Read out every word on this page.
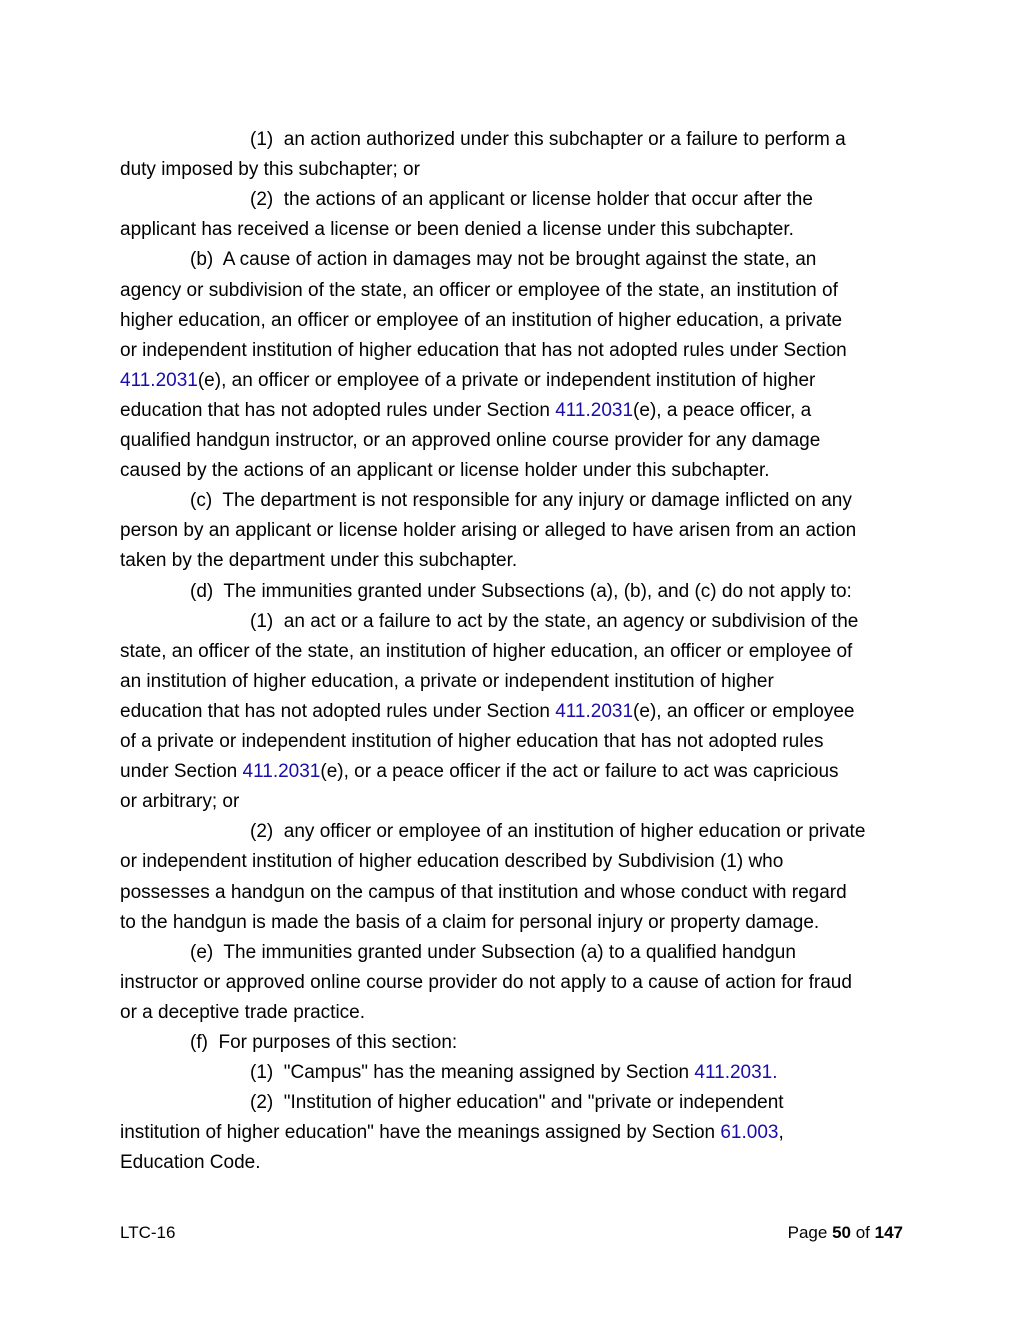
(1)  an action authorized under this subchapter or a failure to perform a
duty imposed by this subchapter; or
(2)  the actions of an applicant or license holder that occur after the
applicant has received a license or been denied a license under this subchapter.
(b)  A cause of action in damages may not be brought against the state, an
agency or subdivision of the state, an officer or employee of the state, an institution of
higher education, an officer or employee of an institution of higher education, a private
or independent institution of higher education that has not adopted rules under Section
411.2031(e), an officer or employee of a private or independent institution of higher
education that has not adopted rules under Section 411.2031(e), a peace officer, a
qualified handgun instructor, or an approved online course provider for any damage
caused by the actions of an applicant or license holder under this subchapter.
(c)  The department is not responsible for any injury or damage inflicted on any
person by an applicant or license holder arising or alleged to have arisen from an action
taken by the department under this subchapter.
(d)  The immunities granted under Subsections (a), (b), and (c) do not apply to:
(1)  an act or a failure to act by the state, an agency or subdivision of the
state, an officer of the state, an institution of higher education, an officer or employee of
an institution of higher education, a private or independent institution of higher
education that has not adopted rules under Section 411.2031(e), an officer or employee
of a private or independent institution of higher education that has not adopted rules
under Section 411.2031(e), or a peace officer if the act or failure to act was capricious
or arbitrary; or
(2)  any officer or employee of an institution of higher education or private
or independent institution of higher education described by Subdivision (1) who
possesses a handgun on the campus of that institution and whose conduct with regard
to the handgun is made the basis of a claim for personal injury or property damage.
(e)  The immunities granted under Subsection (a) to a qualified handgun
instructor or approved online course provider do not apply to a cause of action for fraud
or a deceptive trade practice.
(f)  For purposes of this section:
(1)  "Campus" has the meaning assigned by Section 411.2031.
(2)  "Institution of higher education" and "private or independent
institution of higher education" have the meanings assigned by Section 61.003,
Education Code.
LTC-16	Page 50 of 147
